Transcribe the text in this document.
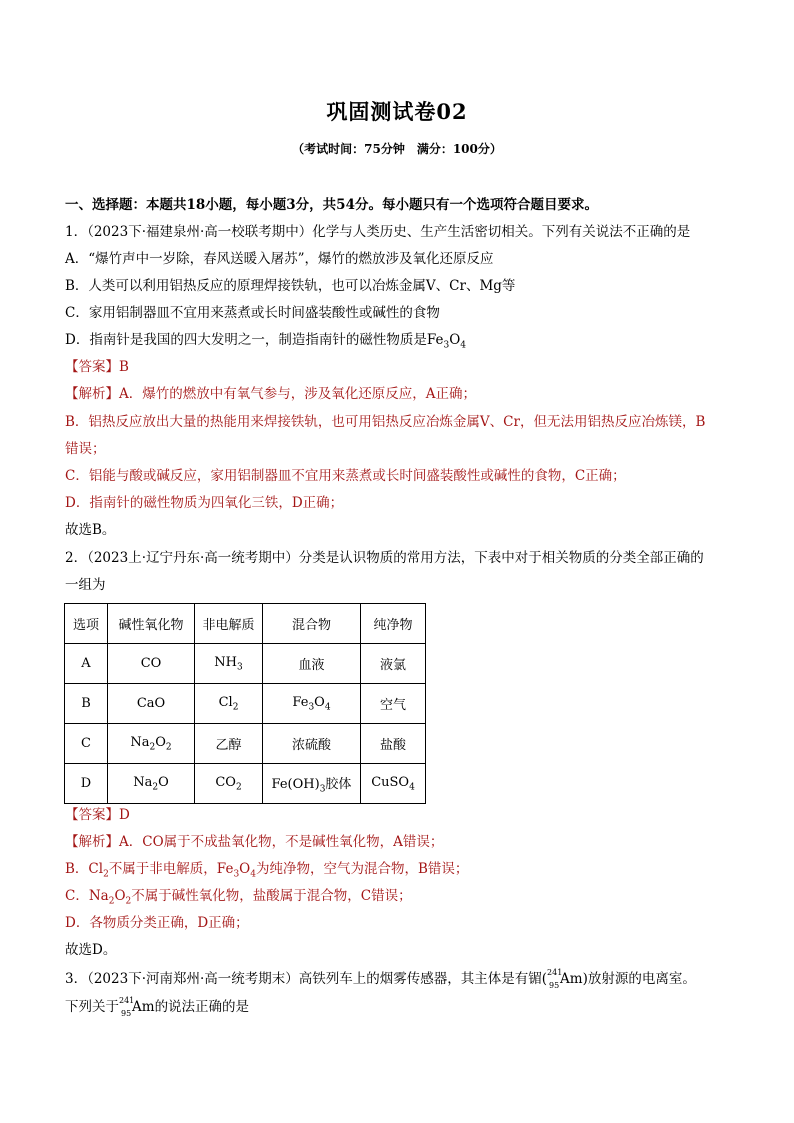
巩固测试卷02
（考试时间：75分钟　满分：100分）
一、选择题：本题共18小题，每小题3分，共54分。每小题只有一个选项符合题目要求。
1．（2023下·福建泉州·高一校联考期中）化学与人类历史、生产生活密切相关。下列有关说法不正确的是
A．“爆竹声中一岁除，春风送暖入屠苏”，爆竹的燃放涉及氧化还原反应
B．人类可以利用铝热反应的原理焊接铁轨，也可以冶炼金属V、Cr、Mg等
C．家用铝制器皿不宜用来蒸煮或长时间盛装酸性或碱性的食物
D．指南针是我国的四大发明之一，制造指南针的磁性物质是$Fe_3O_4$
【答案】B
【解析】A．爆竹的燃放中有氧气参与，涉及氧化还原反应，A正确；
B．铝热反应放出大量的热能用来焊接铁轨，也可用铝热反应冶炼金属V、Cr，但无法用铝热反应冶炼镁，B
错误；
C．铝能与酸或碱反应，家用铝制器皿不宜用来蒸煮或长时间盛装酸性或碱性的食物，C正确；
D．指南针的磁性物质为四氧化三铁，D正确；
故选B。
2．（2023上·辽宁丹东·高一统考期中）分类是认识物质的常用方法，下表中对于相关物质的分类全部正确的
一组为
选项	碱性氧化物	非电解质	混合物	纯净物
A	CO	$NH_3$	血液	液氯
B	CaO	$Cl_2$	$Fe_3O_4$	空气
C	$Na_2O_2$	乙醇	浓硫酸	盐酸
D	$Na_2O$	$CO_2$	$Fe(OH)_3$胶体	CuSO$_4$
【答案】D
【解析】A．CO属于不成盐氧化物，不是碱性氧化物，A错误；
B．$Cl_2$不属于非电解质，$Fe_3O_4$为纯净物，空气为混合物，B错误；
C．$Na_2O_2$不属于碱性氧化物，盐酸属于混合物，C错误；
D．各物质分类正确，D正确；
故选D。
3．（2023下·河南郑州·高一统考期末）高铁列车上的烟雾传感器，其主体是有镅( 241
95 Am)放射源的电离室。
下列关于 241
95 Am的说法正确的是
